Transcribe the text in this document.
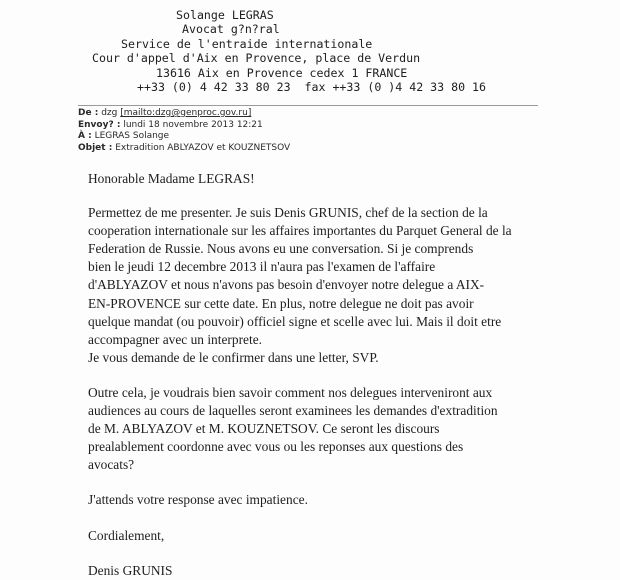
Solange LEGRAS
Avocat g?n?ral
Service de l'entraide internationale
Cour d'appel d'Aix en Provence, place de Verdun
13616 Aix en Provence cedex 1 FRANCE
++33 (0) 4 42 33 80 23  fax ++33 (0 )4 42 33 80 16
De : dzg [mailto:dzg@genproc.gov.ru]
Envoy? : lundi 18 novembre 2013 12:21
À : LEGRAS Solange
Objet : Extradition ABLYAZOV et KOUZNETSOV

Honorable Madame LEGRAS!

Permettez de me presenter. Je suis Denis GRUNIS, chef de la section de la
cooperation internationale sur les affaires importantes du Parquet General de la
Federation de Russie. Nous avons eu une conversation. Si je comprends
bien le jeudi 12 decembre 2013 il n'aura pas l'examen de l'affaire
d'ABLYAZOV et nous n'avons pas besoin d'envoyer notre delegue a AIX-
EN-PROVENCE sur cette date. En plus, notre delegue ne doit pas avoir
quelque mandat (ou pouvoir) officiel signe et scelle avec lui. Mais il doit etre
accompagner avec un interprete.
Je vous demande de le confirmer dans une letter, SVP.
Outre cela, je voudrais bien savoir comment nos delegues interveniront aux
audiences au cours de laquelles seront examinees les demandes d'extradition
de M. ABLYAZOV et M. KOUZNETSOV. Ce seront les discours
prealablement coordonne avec vous ou les reponses aux questions des
avocats?

J'attends votre response avec impatience.

Cordialement,

Denis GRUNIS
